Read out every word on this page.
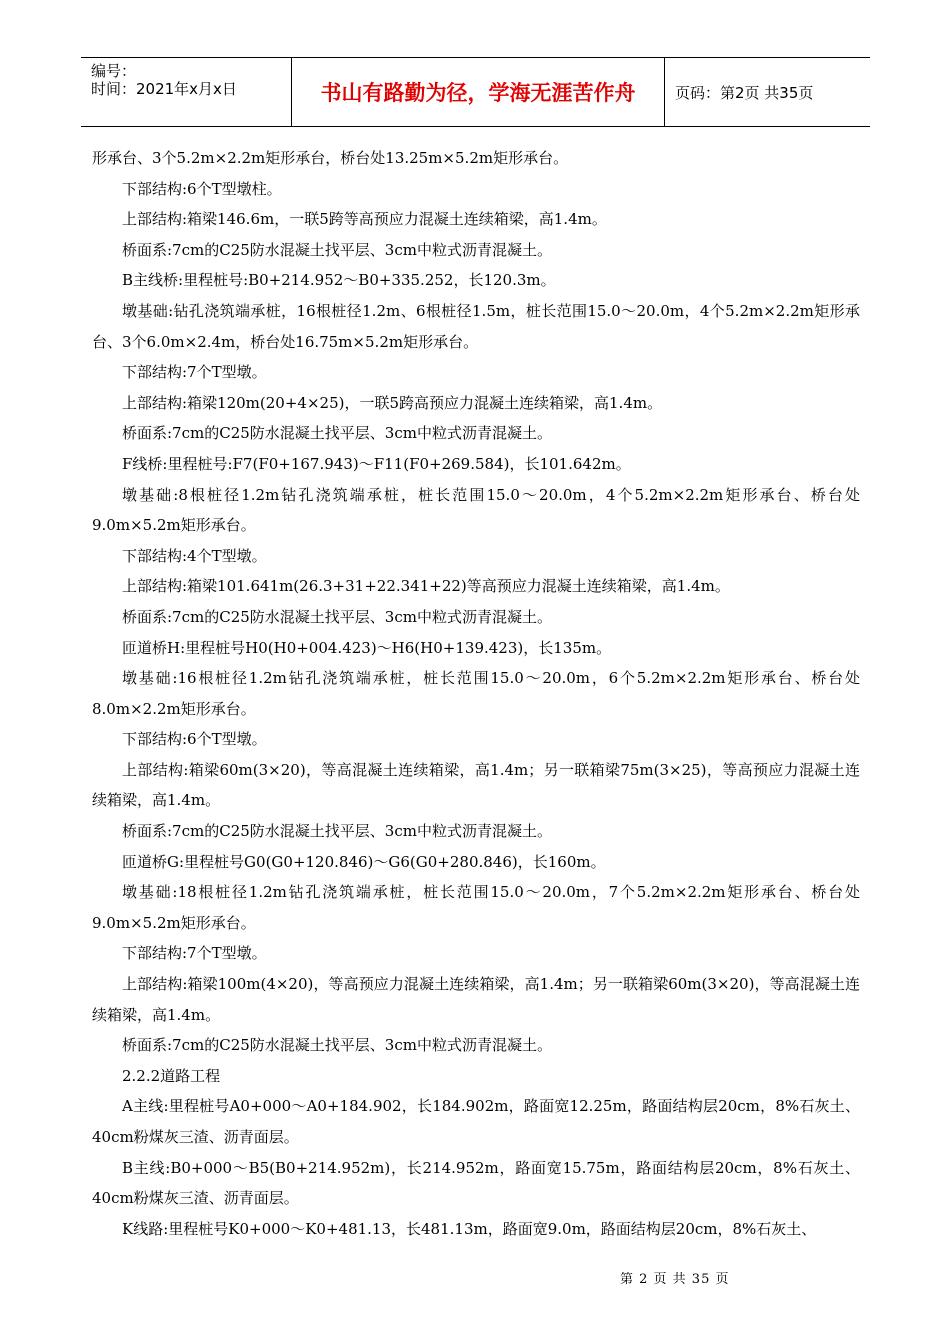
编号：
时间：2021年x月x日	书山有路勤为径，学海无涯苦作舟	页码：第2页 共35页

形承台、3个5.2m×2.2m矩形承台，桥台处13.25m×5.2m矩形承台。

下部结构:6个T型墩柱。

上部结构:箱梁146.6m，一联5跨等高预应力混凝土连续箱梁，高1.4m。

桥面系:7cm的C25防水混凝土找平层、3cm中粒式沥青混凝土。

B主线桥:里程桩号:B0+214.952～B0+335.252，长120.3m。

墩基础:钻孔浇筑端承桩，16根桩径1.2m、6根桩径1.5m，桩长范围15.0～20.0m，4个5.2m×2.2m矩形承台、3个6.0m×2.4m，桥台处16.75m×5.2m矩形承台。

下部结构:7个T型墩。

上部结构:箱梁120m(20+4×25)，一联5跨高预应力混凝土连续箱梁，高1.4m。

桥面系:7cm的C25防水混凝土找平层、3cm中粒式沥青混凝土。

F线桥:里程桩号:F7(F0+167.943)～F11(F0+269.584)，长101.642m。

墩基础:8根桩径1.2m钻孔浇筑端承桩，桩长范围15.0～20.0m，4个5.2m×2.2m矩形承台、桥台处9.0m×5.2m矩形承台。

下部结构:4个T型墩。

上部结构:箱梁101.641m(26.3+31+22.341+22)等高预应力混凝土连续箱梁，高1.4m。

桥面系:7cm的C25防水混凝土找平层、3cm中粒式沥青混凝土。

匝道桥H:里程桩号H0(H0+004.423)～H6(H0+139.423)，长135m。

墩基础:16根桩径1.2m钻孔浇筑端承桩，桩长范围15.0～20.0m，6个5.2m×2.2m矩形承台、桥台处8.0m×2.2m矩形承台。

下部结构:6个T型墩。

上部结构:箱梁60m(3×20)，等高混凝土连续箱梁，高1.4m；另一联箱梁75m(3×25)，等高预应力混凝土连续箱梁，高1.4m。

桥面系:7cm的C25防水混凝土找平层、3cm中粒式沥青混凝土。

匝道桥G:里程桩号G0(G0+120.846)～G6(G0+280.846)，长160m。

墩基础:18根桩径1.2m钻孔浇筑端承桩，桩长范围15.0～20.0m，7个5.2m×2.2m矩形承台、桥台处9.0m×5.2m矩形承台。

下部结构:7个T型墩。

上部结构:箱梁100m(4×20)，等高预应力混凝土连续箱梁，高1.4m；另一联箱梁60m(3×20)，等高混凝土连续箱梁，高1.4m。

桥面系:7cm的C25防水混凝土找平层、3cm中粒式沥青混凝土。

2.2.2道路工程

A主线:里程桩号A0+000～A0+184.902，长184.902m，路面宽12.25m，路面结构层20cm，8%石灰土、40cm粉煤灰三渣、沥青面层。

B主线:B0+000～B5(B0+214.952m)，长214.952m，路面宽15.75m，路面结构层20cm，8%石灰土、40cm粉煤灰三渣、沥青面层。

K线路:里程桩号K0+000～K0+481.13，长481.13m，路面宽9.0m，路面结构层20cm，8%石灰土、

第 2 页 共 35 页
